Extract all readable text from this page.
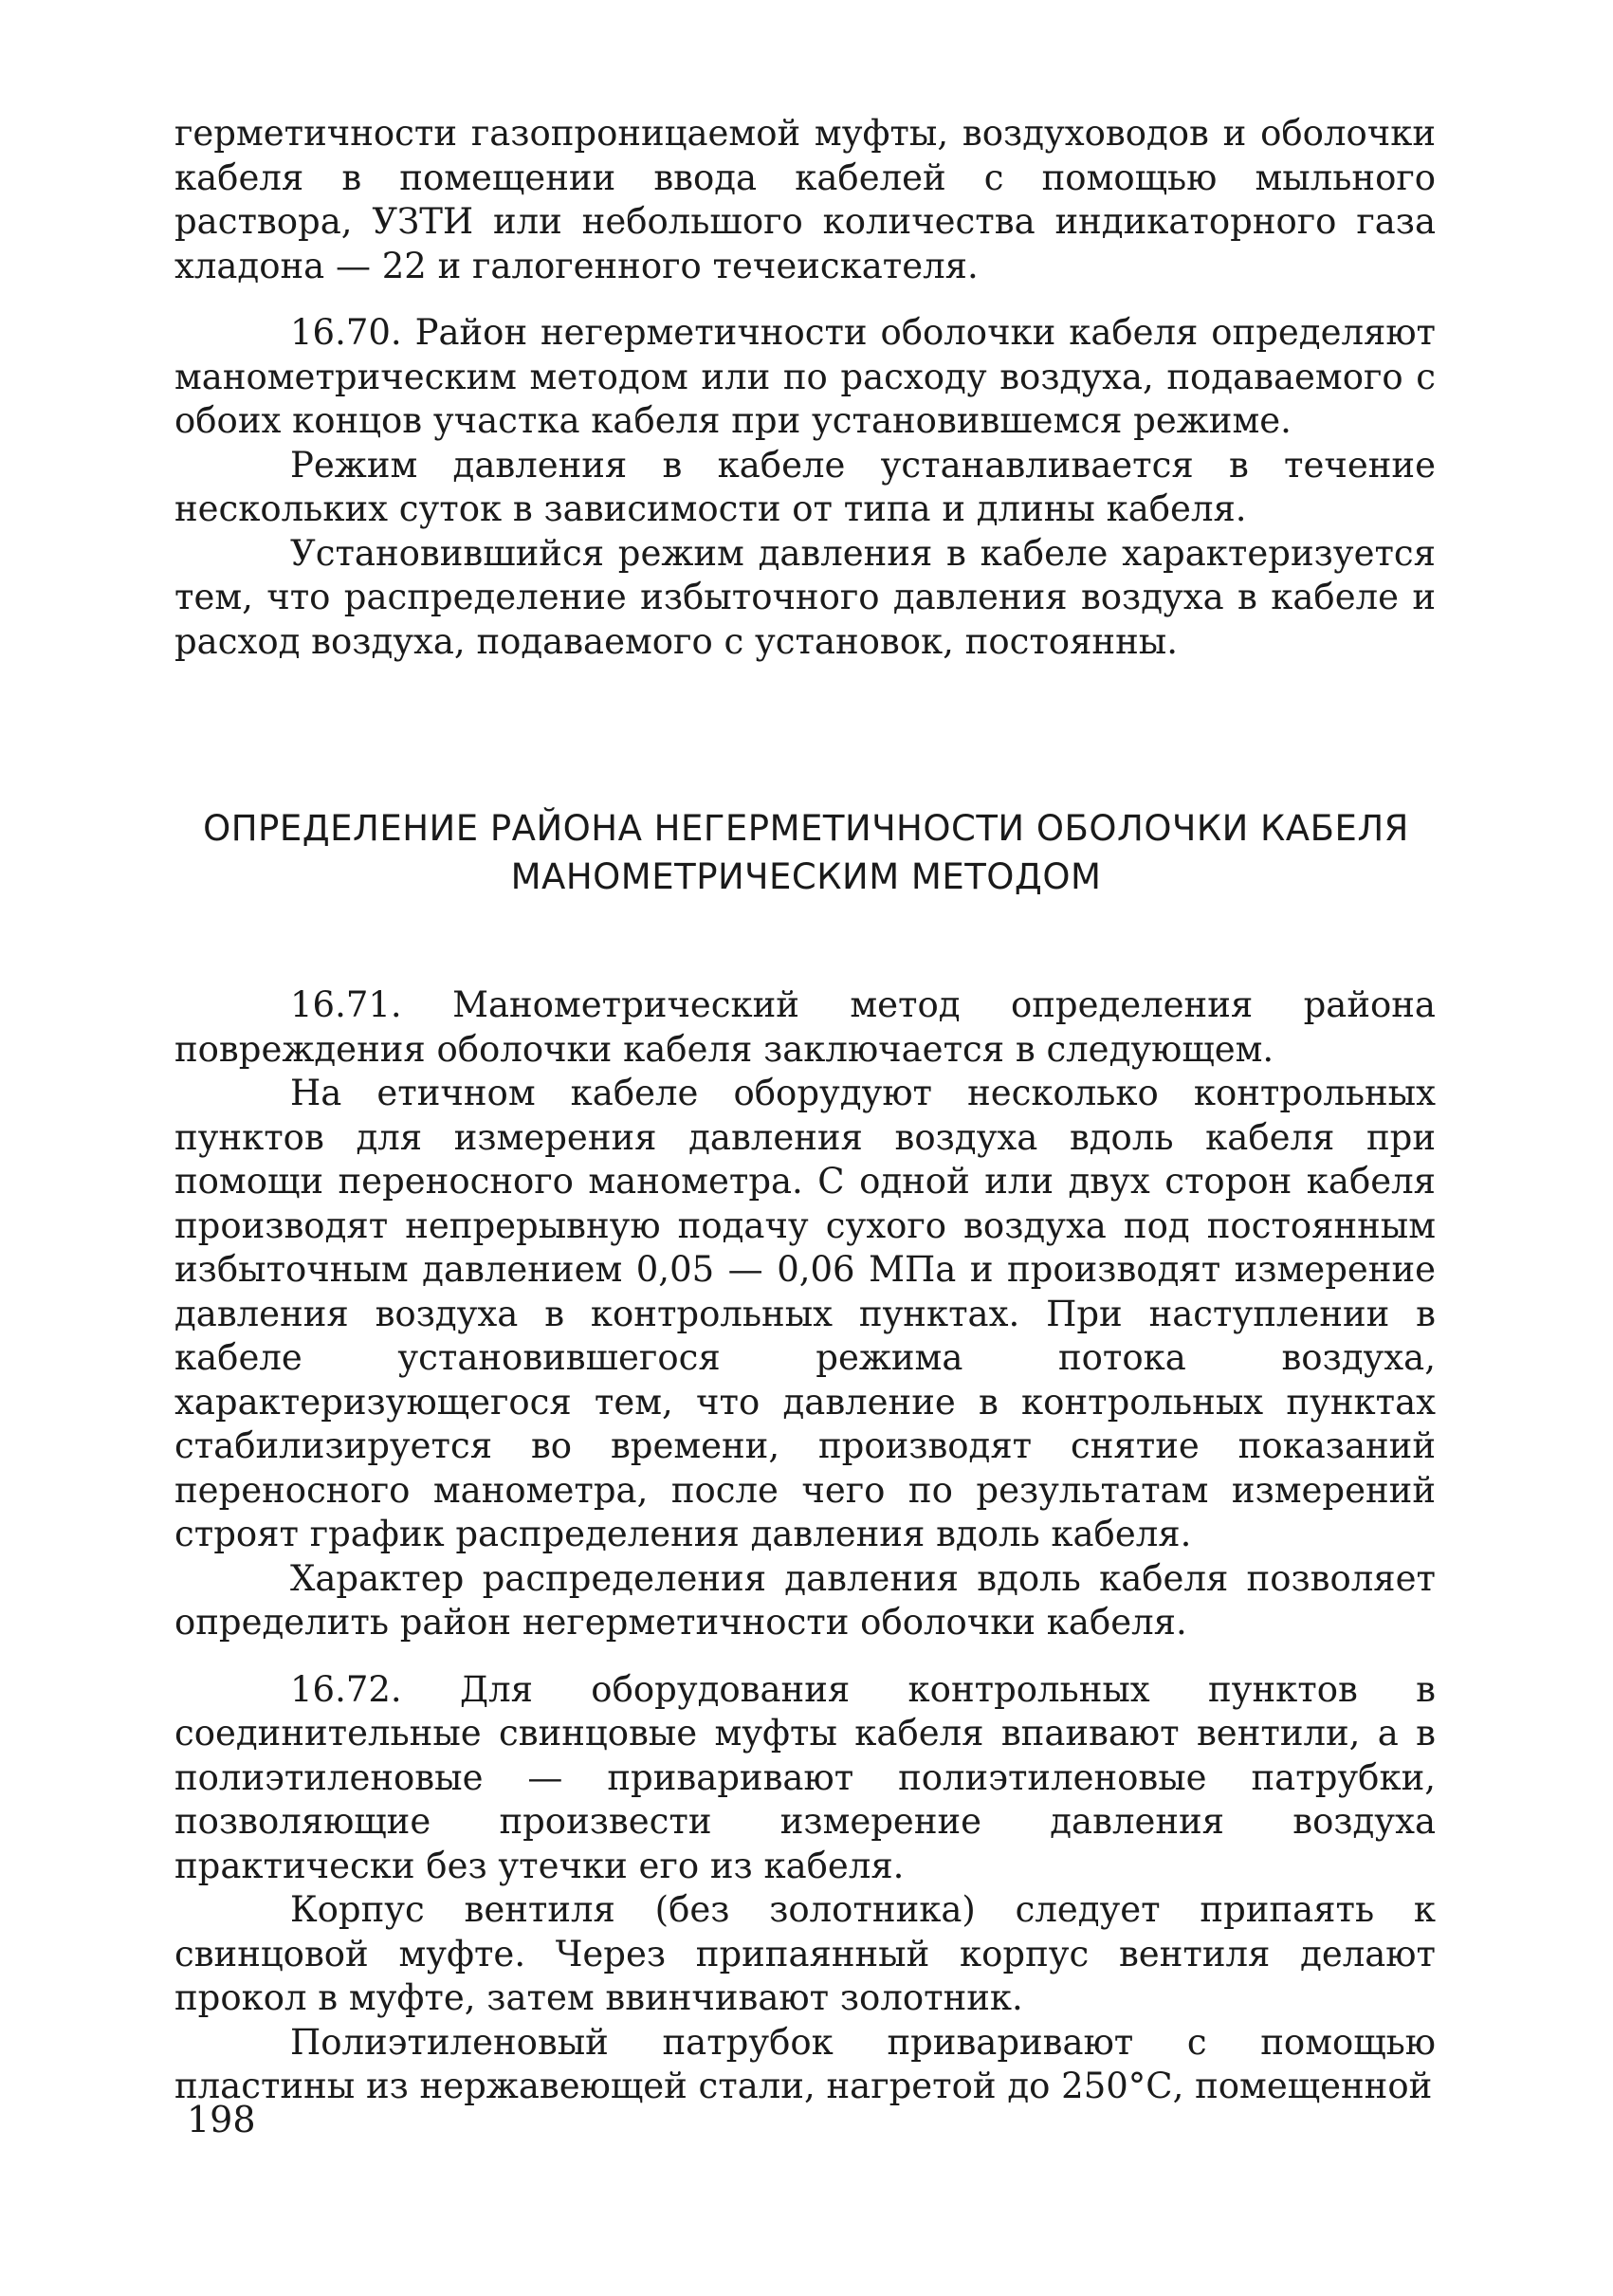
герметичности газопроницаемой муфты, воздуховодов и оболочки кабеля в помещении ввода кабелей с помощью мыльного раствора, УЗТИ или небольшого количества индикаторного газа хладона — 22 и галогенного течеискателя.

16.70. Район негерметичности оболочки кабеля определяют манометрическим методом или по расходу воздуха, подаваемого с обоих концов участка кабеля при установившемся режиме.

Режим давления в кабеле устанавливается в течение нескольких суток в зависимости от типа и длины кабеля.

Установившийся режим давления в кабеле характеризуется тем, что распределение избыточного давления воздуха в кабеле и расход воздуха, подаваемого с установок, постоянны.

ОПРЕДЕЛЕНИЕ РАЙОНА НЕГЕРМЕТИЧНОСТИ ОБОЛОЧКИ КАБЕЛЯ
МАНОМЕТРИЧЕСКИМ МЕТОДОМ

16.71. Манометрический метод определения района повреждения оболочки кабеля заключается в следующем.

На етичном кабеле оборудуют несколько контрольных пунктов для измерения давления воздуха вдоль кабеля при помощи переносного манометра. С одной или двух сторон кабеля производят непрерывную подачу сухого воздуха под постоянным избыточным давлением 0,05 — 0,06 МПа и производят измерение давления воздуха в контрольных пунктах. При наступлении в кабеле установившегося режима потока воздуха, характеризующегося тем, что давление в контрольных пунктах стабилизируется во времени, производят снятие показаний переносного манометра, после чего по результатам измерений строят график распределения давления вдоль кабеля.

Характер распределения давления вдоль кабеля позволяет определить район негерметичности оболочки кабеля.

16.72. Для оборудования контрольных пунктов в соединительные свинцовые муфты кабеля впаивают вентили, а в полиэтиленовые — приваривают полиэтиленовые патрубки, позволяющие произвести измерение давления воздуха практически без утечки его из кабеля.

Корпус вентиля (без золотника) следует припаять к свинцовой муфте. Через припаянный корпус вентиля делают прокол в муфте, затем ввинчивают золотник.

Полиэтиленовый патрубок приваривают с помощью пластины из нержавеющей стали, нагретой до 250°С, помещенной

198
